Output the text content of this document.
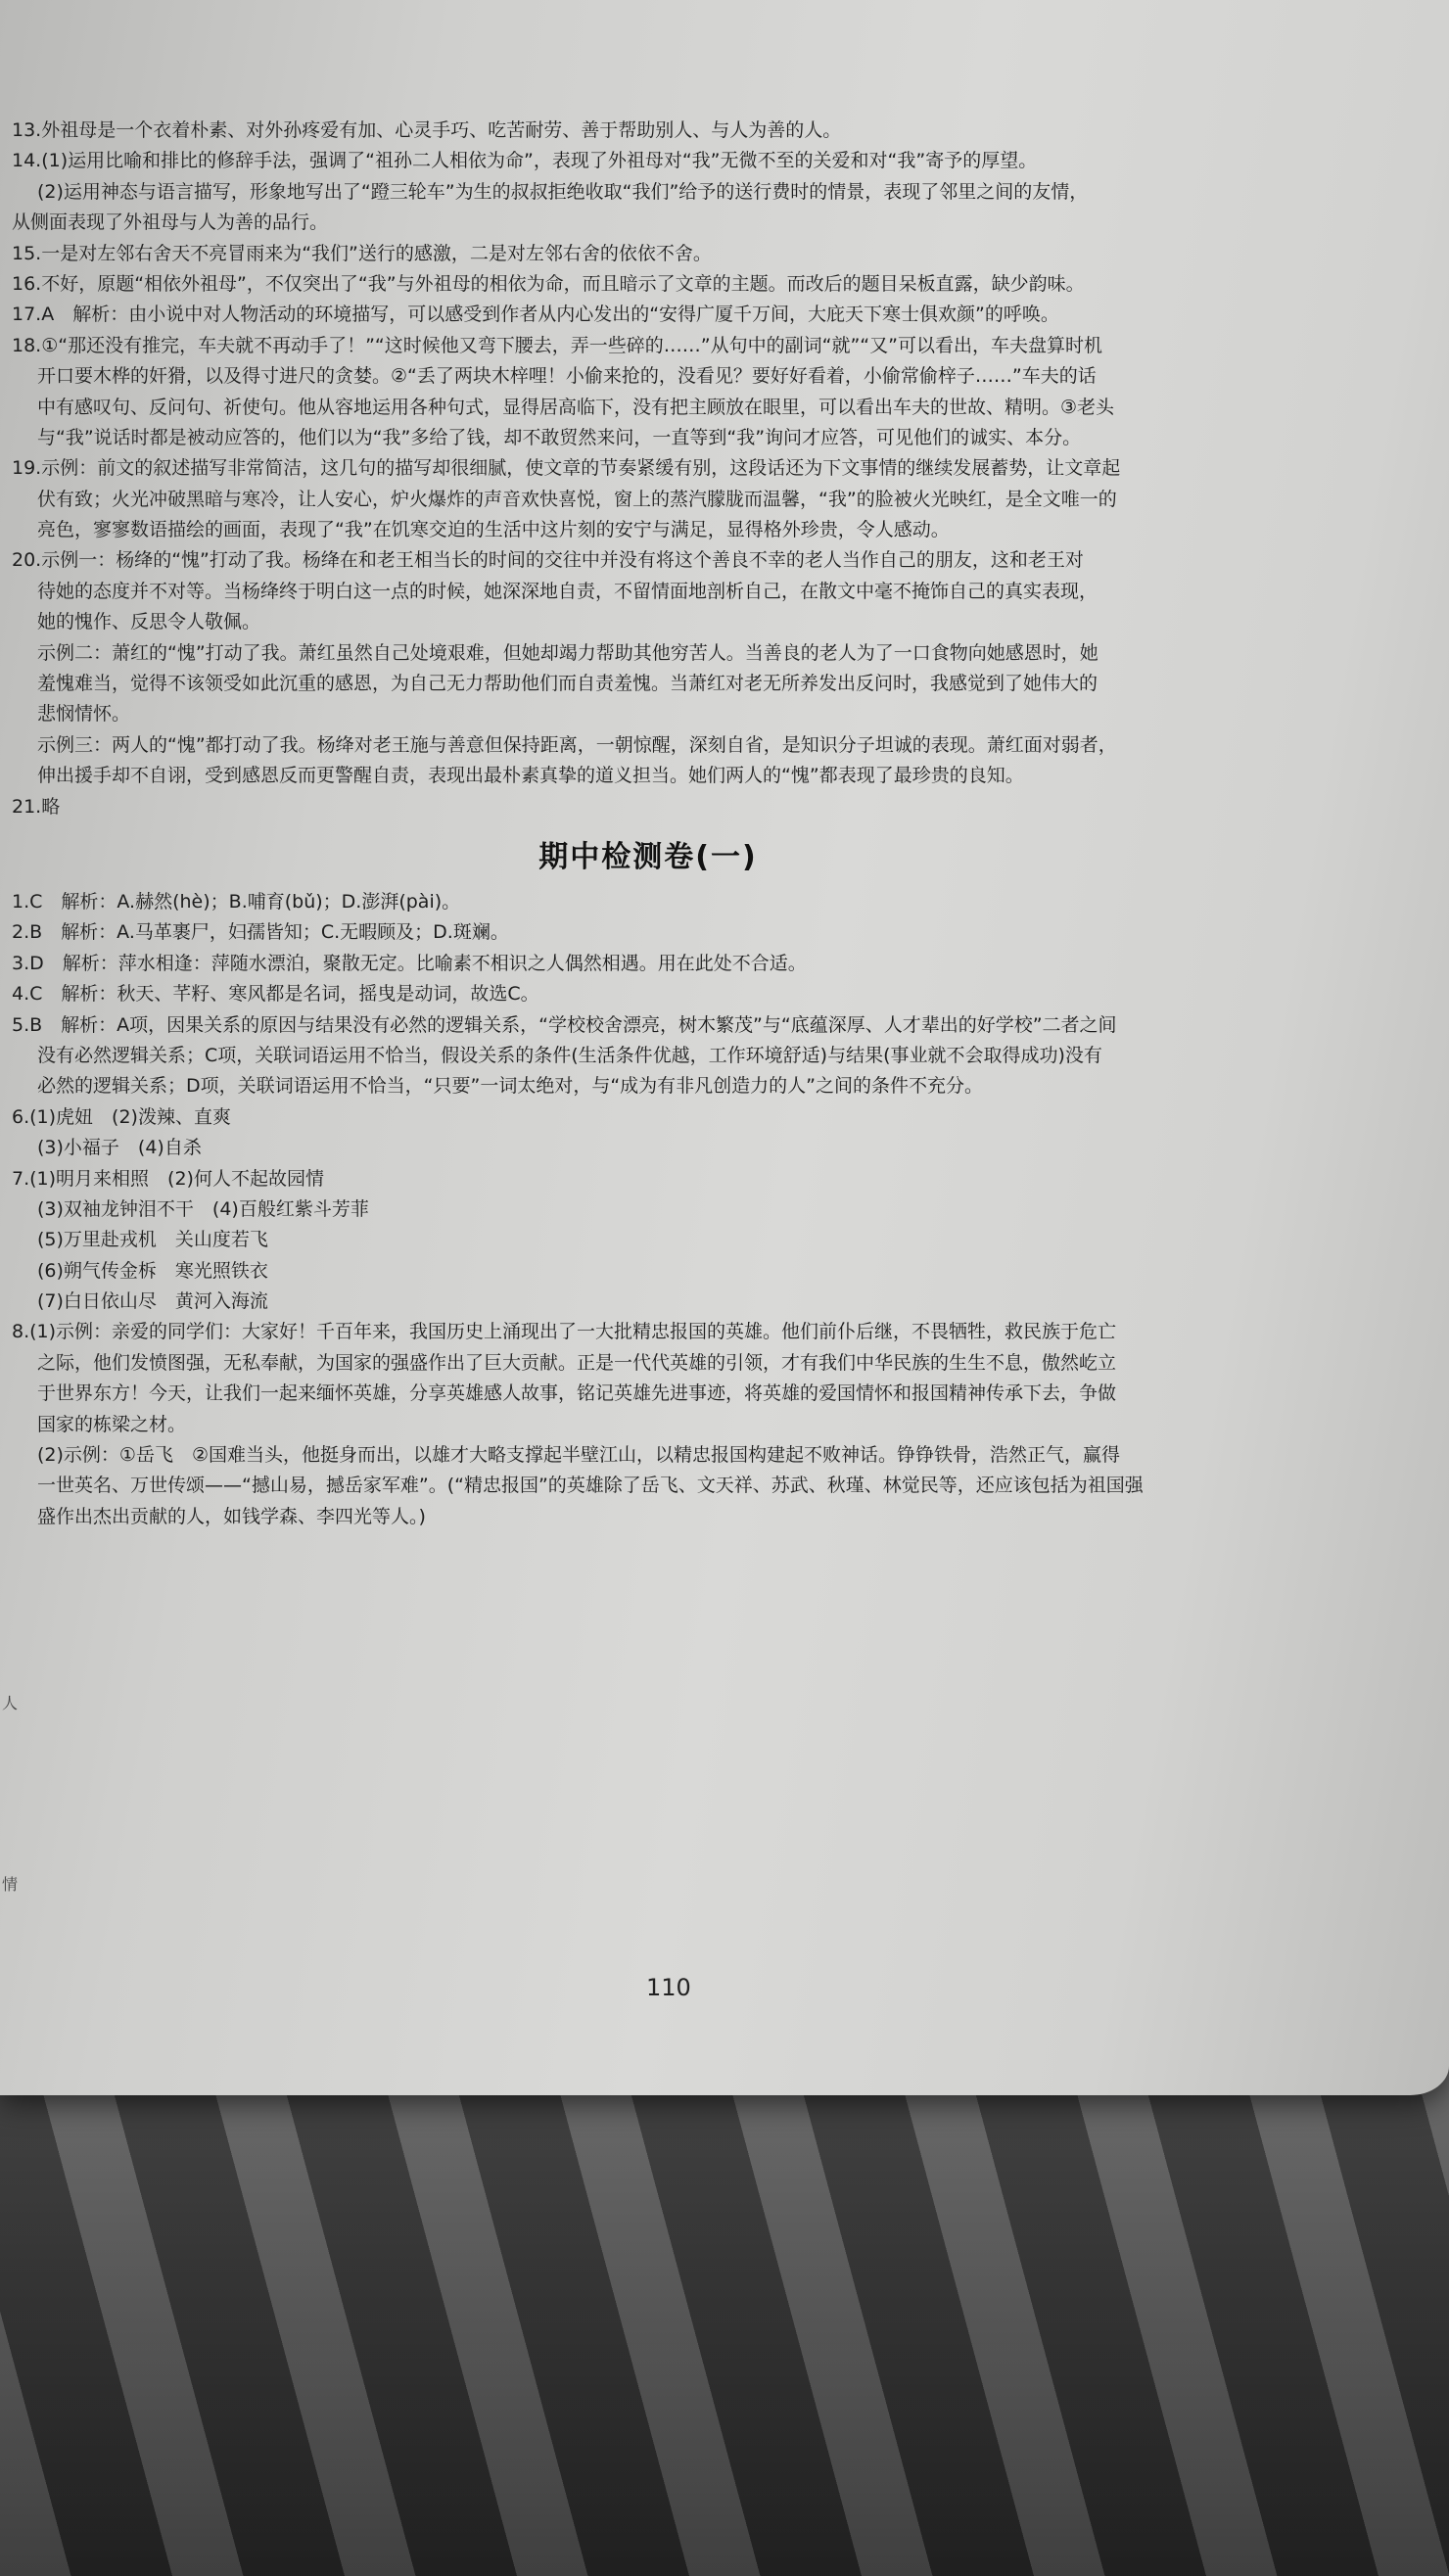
13.外祖母是一个衣着朴素、对外孙疼爱有加、心灵手巧、吃苦耐劳、善于帮助别人、与人为善的人。
14.(1)运用比喻和排比的修辞手法，强调了“祖孙二人相依为命”，表现了外祖母对“我”无微不至的关爱和对“我”寄予的厚望。
(2)运用神态与语言描写，形象地写出了“蹬三轮车”为生的叔叔拒绝收取“我们”给予的送行费时的情景，表现了邻里之间的友情，
从侧面表现了外祖母与人为善的品行。
15.一是对左邻右舍天不亮冒雨来为“我们”送行的感激，二是对左邻右舍的依依不舍。
16.不好，原题“相依外祖母”，不仅突出了“我”与外祖母的相依为命，而且暗示了文章的主题。而改后的题目呆板直露，缺少韵味。
17.A　解析：由小说中对人物活动的环境描写，可以感受到作者从内心发出的“安得广厦千万间，大庇天下寒士俱欢颜”的呼唤。
18.①“那还没有推完，车夫就不再动手了！”“这时候他又弯下腰去，弄一些碎的……”从句中的副词“就”“又”可以看出，车夫盘算时机
开口要木桦的奸猾，以及得寸进尺的贪婪。②“丢了两块木梓哩！小偷来抢的，没看见？要好好看着，小偷常偷梓子……”车夫的话
中有感叹句、反问句、祈使句。他从容地运用各种句式，显得居高临下，没有把主顾放在眼里，可以看出车夫的世故、精明。③老头
与“我”说话时都是被动应答的，他们以为“我”多给了钱，却不敢贸然来问，一直等到“我”询问才应答，可见他们的诚实、本分。
19.示例：前文的叙述描写非常简洁，这几句的描写却很细腻，使文章的节奏紧缓有别，这段话还为下文事情的继续发展蓄势，让文章起
伏有致；火光冲破黑暗与寒冷，让人安心，炉火爆炸的声音欢快喜悦，窗上的蒸汽朦胧而温馨，“我”的脸被火光映红，是全文唯一的
亮色，寥寥数语描绘的画面，表现了“我”在饥寒交迫的生活中这片刻的安宁与满足，显得格外珍贵，令人感动。
20.示例一：杨绛的“愧”打动了我。杨绛在和老王相当长的时间的交往中并没有将这个善良不幸的老人当作自己的朋友，这和老王对
待她的态度并不对等。当杨绛终于明白这一点的时候，她深深地自责，不留情面地剖析自己，在散文中毫不掩饰自己的真实表现，
她的愧作、反思令人敬佩。
示例二：萧红的“愧”打动了我。萧红虽然自己处境艰难，但她却竭力帮助其他穷苦人。当善良的老人为了一口食物向她感恩时，她
羞愧难当，觉得不该领受如此沉重的感恩，为自己无力帮助他们而自责羞愧。当萧红对老无所养发出反问时，我感觉到了她伟大的
悲悯情怀。
示例三：两人的“愧”都打动了我。杨绛对老王施与善意但保持距离，一朝惊醒，深刻自省，是知识分子坦诚的表现。萧红面对弱者，
伸出援手却不自诩，受到感恩反而更警醒自责，表现出最朴素真挚的道义担当。她们两人的“愧”都表现了最珍贵的良知。
21.略
期中检测卷(一)
1.C　解析：A.赫然(hè)；B.哺育(bǔ)；D.澎湃(pài)。
2.B　解析：A.马革裹尸，妇孺皆知；C.无暇顾及；D.斑斓。
3.D　解析：萍水相逢：萍随水漂泊，聚散无定。比喻素不相识之人偶然相遇。用在此处不合适。
4.C　解析：秋天、芊籽、寒风都是名词，摇曳是动词，故选C。
5.B　解析：A项，因果关系的原因与结果没有必然的逻辑关系，“学校校舍漂亮，树木繁茂”与“底蕴深厚、人才辈出的好学校”二者之间
没有必然逻辑关系；C项，关联词语运用不恰当，假设关系的条件(生活条件优越，工作环境舒适)与结果(事业就不会取得成功)没有
必然的逻辑关系；D项，关联词语运用不恰当，“只要”一词太绝对，与“成为有非凡创造力的人”之间的条件不充分。
6.(1)虎妞　(2)泼辣、直爽
(3)小福子　(4)自杀
7.(1)明月来相照　(2)何人不起故园情
(3)双袖龙钟泪不干　(4)百般红紫斗芳菲
(5)万里赴戎机　关山度若飞
(6)朔气传金柝　寒光照铁衣
(7)白日依山尽　黄河入海流
8.(1)示例：亲爱的同学们：大家好！千百年来，我国历史上涌现出了一大批精忠报国的英雄。他们前仆后继，不畏牺牲，救民族于危亡
之际，他们发愤图强，无私奉献，为国家的强盛作出了巨大贡献。正是一代代英雄的引领，才有我们中华民族的生生不息，傲然屹立
于世界东方！今天，让我们一起来缅怀英雄，分享英雄感人故事，铭记英雄先进事迹，将英雄的爱国情怀和报国精神传承下去，争做
国家的栋梁之材。
(2)示例：①岳飞　②国难当头，他挺身而出，以雄才大略支撑起半壁江山，以精忠报国构建起不败神话。铮铮铁骨，浩然正气，赢得
一世英名、万世传颂——“撼山易，撼岳家军难”。(“精忠报国”的英雄除了岳飞、文天祥、苏武、秋瑾、林觉民等，还应该包括为祖国强
盛作出杰出贡献的人，如钱学森、李四光等人。)
人
情
110
